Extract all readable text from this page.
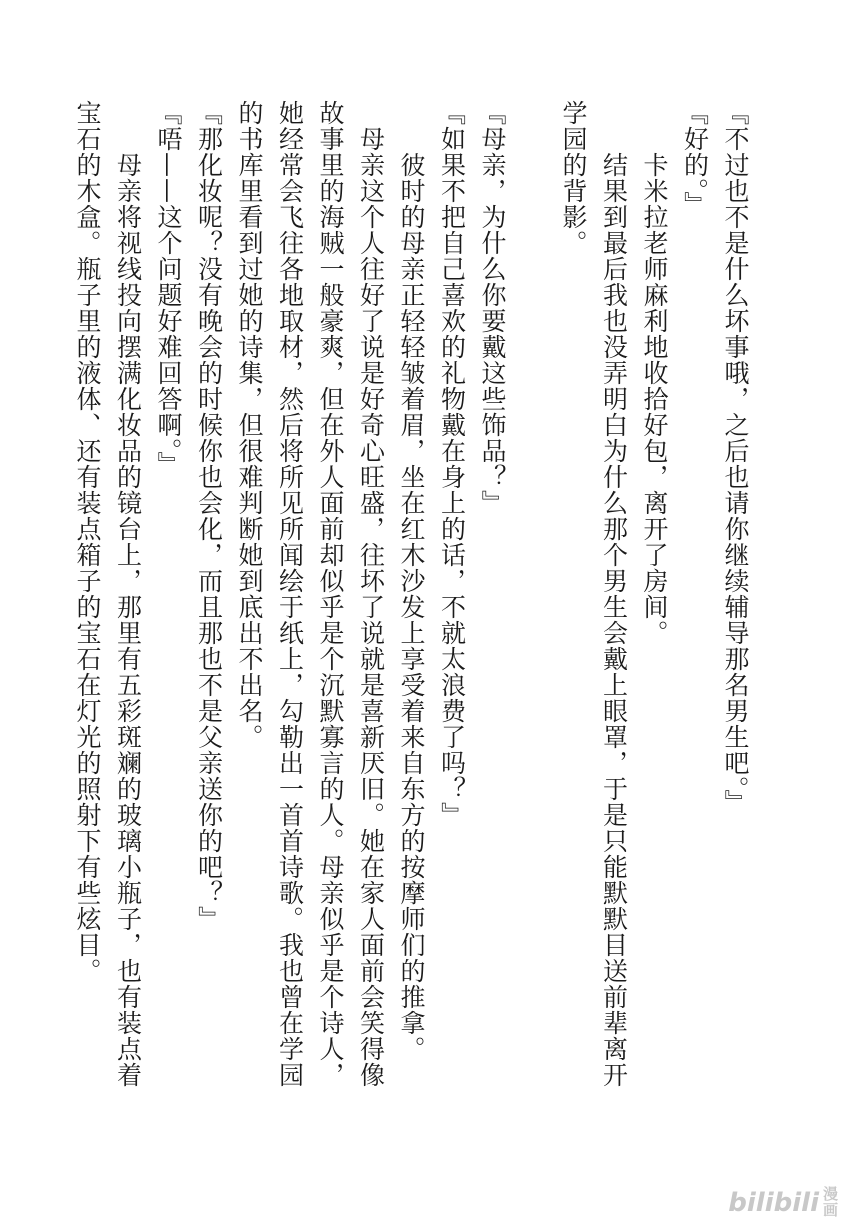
『不过也不是什么坏事哦，之后也请你继续辅导那名男生吧。』

『好的。』

　　卡米拉老师麻利地收拾好包，离开了房间。

　　结果到最后我也没弄明白为什么那个男生会戴上眼罩，于是只能默默目送前辈离开学园的背影。

『母亲，为什么你要戴这些饰品？』

『如果不把自己喜欢的礼物戴在身上的话，不就太浪费了吗？』

　　彼时的母亲正轻轻皱着眉，坐在红木沙发上享受着来自东方的按摩师们的推拿。

　母亲这个人往好了说是好奇心旺盛，往坏了说就是喜新厌旧。她在家人面前会笑得像故事里的海贼一般豪爽，但在外人面前却似乎是个沉默寡言的人。母亲似乎是个诗人，她经常会飞往各地取材，然后将所见所闻绘于纸上，勾勒出一首首诗歌。我也曾在学园的书库里看到过她的诗集，但很难判断她到底出不出名。

『那化妆呢？没有晚会的时候你也会化，而且那也不是父亲送你的吧？』

『唔——这个问题好难回答啊。』

　　母亲将视线投向摆满化妆品的镜台上，那里有五彩斑斓的玻璃小瓶子，也有装点着宝石的木盒。瓶子里的液体、还有装点箱子的宝石在灯光的照射下有些炫目。

bilibili 漫
画
